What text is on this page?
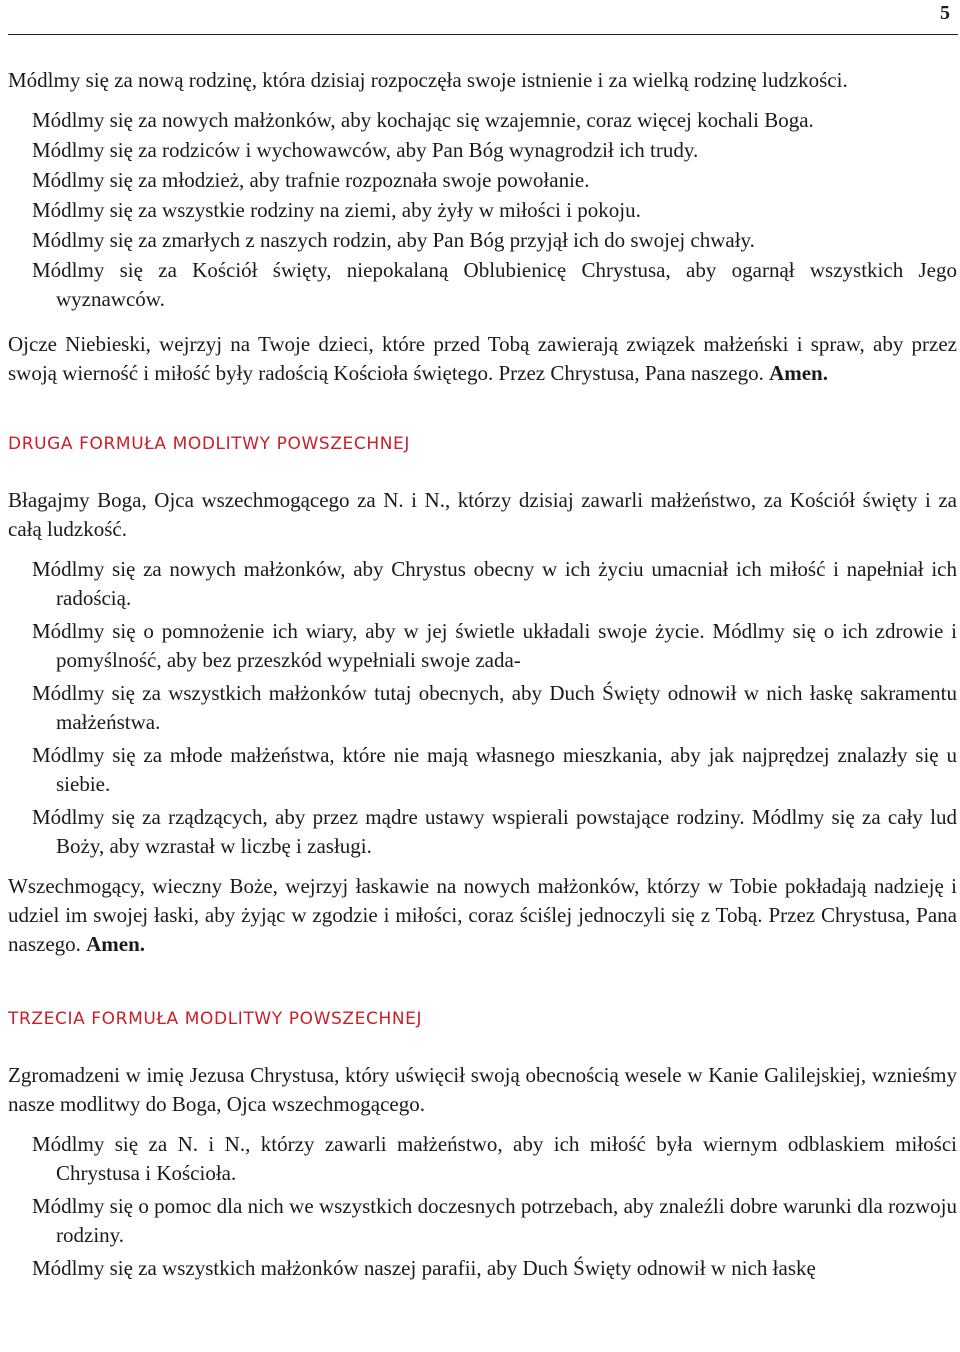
5

Módlmy się za nową rodzinę, która dzisiaj rozpoczęła swoje istnienie i za wielką rodzinę ludzkości.

Módlmy się za nowych małżonków, aby kochając się wzajemnie, coraz więcej kochali Boga.

Módlmy się za rodziców i wychowawców, aby Pan Bóg wynagrodził ich trudy.

Módlmy się za młodzież, aby trafnie rozpoznała swoje powołanie.

Módlmy się za wszystkie rodziny na ziemi, aby żyły w miłości i pokoju.

Módlmy się za zmarłych z naszych rodzin, aby Pan Bóg przyjął ich do swojej chwały.

Módlmy się za Kościół święty, niepokalaną Oblubienicę Chrystusa, aby ogarnął wszystkich Jego wyznawców.

Ojcze Niebieski, wejrzyj na Twoje dzieci, które przed Tobą zawierają związek małżeński i spraw, aby przez swoją wierność i miłość były radością Kościoła świętego. Przez Chrystusa, Pana naszego. Amen.

DRUGA FORMUŁA MODLITWY POWSZECHNEJ

Błagajmy Boga, Ojca wszechmogącego za N. i N., którzy dzisiaj zawarli małżeństwo, za Kościół święty i za całą ludzkość.

Módlmy się za nowych małżonków, aby Chrystus obecny w ich życiu umacniał ich miłość i napełniał ich radością.

Módlmy się o pomnożenie ich wiary, aby w jej świetle układali swoje życie. Módlmy się o ich zdrowie i pomyślność, aby bez przeszkód wypełniali swoje zada-

Módlmy się za wszystkich małżonków tutaj obecnych, aby Duch Święty odnowił w nich łaskę sakramentu małżeństwa.

Módlmy się za młode małżeństwa, które nie mają własnego mieszkania, aby jak najprędzej znalazły się u siebie.

Módlmy się za rządzących, aby przez mądre ustawy wspierali powstające rodziny. Módlmy się za cały lud Boży, aby wzrastał w liczbę i zasługi.

Wszechmogący, wieczny Boże, wejrzyj łaskawie na nowych małżonków, którzy w Tobie pokładają nadzieję i udziel im swojej łaski, aby żyjąc w zgodzie i miłości, coraz ściślej jednoczyli się z Tobą. Przez Chrystusa, Pana naszego. Amen.

TRZECIA FORMUŁA MODLITWY POWSZECHNEJ

Zgromadzeni w imię Jezusa Chrystusa, który uświęcił swoją obecnością wesele w Kanie Galilejskiej, wznieśmy nasze modlitwy do Boga, Ojca wszechmogącego.

Módlmy się za N. i N., którzy zawarli małżeństwo, aby ich miłość była wiernym odblaskiem miłości Chrystusa i Kościoła.

Módlmy się o pomoc dla nich we wszystkich doczesnych potrzebach, aby znaleźli dobre warunki dla rozwoju rodziny.

Módlmy się za wszystkich małżonków naszej parafii, aby Duch Święty odnowił w nich łaskę
